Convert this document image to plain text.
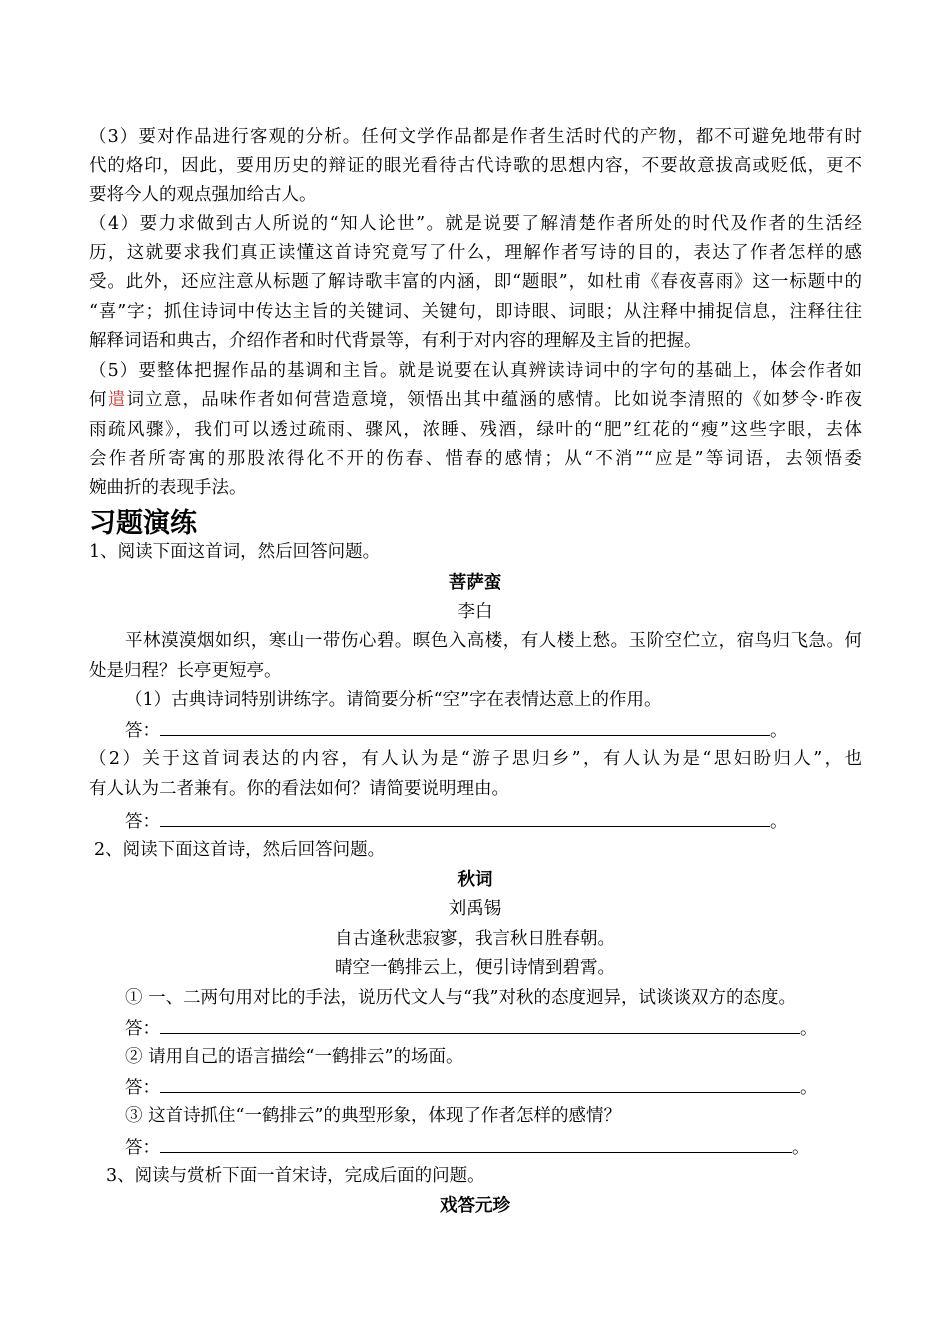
（3）要对作品进行客观的分析。任何文学作品都是作者生活时代的产物，都不可避免地带有时
代的烙印，因此，要用历史的辩证的眼光看待古代诗歌的思想内容，不要故意拔高或贬低，更不
要将今人的观点强加给古人。
（4）要力求做到古人所说的“知人论世”。就是说要了解清楚作者所处的时代及作者的生活经
历，这就要求我们真正读懂这首诗究竟写了什么，理解作者写诗的目的，表达了作者怎样的感
受。此外，还应注意从标题了解诗歌丰富的内涵，即“题眼”，如杜甫《春夜喜雨》这一标题中的
“喜”字；抓住诗词中传达主旨的关键词、关键句，即诗眼、词眼；从注释中捕捉信息，注释往往
解释词语和典古，介绍作者和时代背景等，有利于对内容的理解及主旨的把握。
（5）要整体把握作品的基调和主旨。就是说要在认真辨读诗词中的字句的基础上，体会作者如
何遣词立意，品味作者如何营造意境，领悟出其中蕴涵的感情。比如说李清照的《如梦令·昨夜
雨疏风骤》，我们可以透过疏雨、骤风，浓睡、残酒，绿叶的“肥”红花的“瘦”这些字眼，去体
会作者所寄寓的那股浓得化不开的伤春、惜春的感情；从“不消”“应是”等词语，去领悟委
婉曲折的表现手法。
习题演练
1、阅读下面这首词，然后回答问题。
菩萨蛮
李白
平林漠漠烟如织，寒山一带伤心碧。暝色入高楼，有人楼上愁。玉阶空伫立，宿鸟归飞急。何
处是归程？长亭更短亭。
（1）古典诗词特别讲练字。请简要分析“空”字在表情达意上的作用。
答：	。
（2）关于这首词表达的内容，有人认为是“游子思归乡”，有人认为是“思妇盼归人”，也
有人认为二者兼有。你的看法如何？请简要说明理由。
答：	。
2、阅读下面这首诗，然后回答问题。
秋词
刘禹锡
自古逢秋悲寂寥，我言秋日胜春朝。
晴空一鹤排云上，便引诗情到碧霄。
① 一、二两句用对比的手法，说历代文人与“我”对秋的态度迥异，试谈谈双方的态度。
答：	。
② 请用自己的语言描绘“一鹤排云”的场面。
答：	。
③ 这首诗抓住“一鹤排云”的典型形象，体现了作者怎样的感情？
答：	。
3、阅读与赏析下面一首宋诗，完成后面的问题。
戏答元珍
